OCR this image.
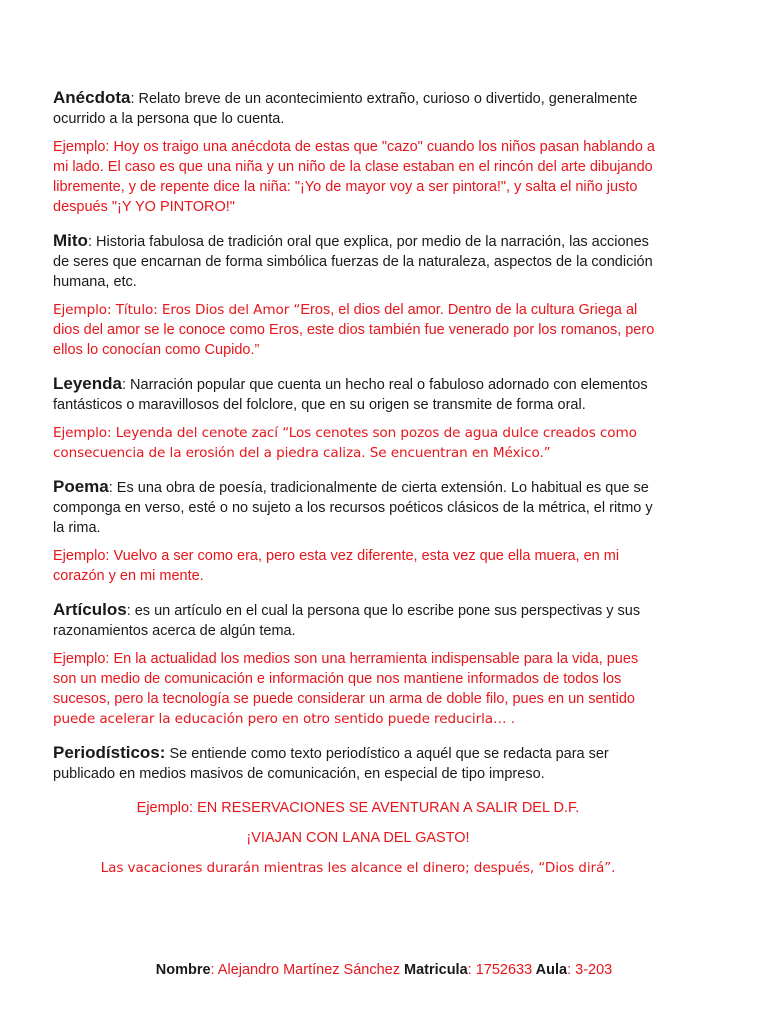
Anécdota: Relato breve de un acontecimiento extraño, curioso o divertido, generalmente ocurrido a la persona que lo cuenta.

Ejemplo: Hoy os traigo una anécdota de estas que "cazo" cuando los niños pasan hablando a mi lado. El caso es que una niña y un niño de la clase estaban en el rincón del arte dibujando libremente, y de repente dice la niña: "¡Yo de mayor voy a ser pintora!", y salta el niño justo después "¡Y YO PINTORO!"

Mito: Historia fabulosa de tradición oral que explica, por medio de la narración, las acciones de seres que encarnan de forma simbólica fuerzas de la naturaleza, aspectos de la condición humana, etc.

Ejemplo: Título: Eros Dios del Amor “Eros, el dios del amor. Dentro de la cultura Griega al dios del amor se le conoce como Eros, este dios también fue venerado por los romanos, pero ellos lo conocían como Cupido.”

Leyenda: Narración popular que cuenta un hecho real o fabuloso adornado con elementos fantásticos o maravillosos del folclore, que en su origen se transmite de forma oral.

Ejemplo: Leyenda del cenote zací “Los cenotes son pozos de agua dulce creados como consecuencia de la erosión del a piedra caliza. Se encuentran en México.”

Poema: Es una obra de poesía, tradicionalmente de cierta extensión. Lo habitual es que se componga en verso, esté o no sujeto a los recursos poéticos clásicos de la métrica, el ritmo y la rima.

Ejemplo: Vuelvo a ser como era, pero esta vez diferente, esta vez que ella muera, en mi corazón y en mi mente.

Artículos: es un artículo en el cual la persona que lo escribe pone sus perspectivas y sus razonamientos acerca de algún tema.

Ejemplo: En la actualidad los medios son una herramienta indispensable para la vida, pues son un medio de comunicación e información que nos mantiene informados de todos los sucesos, pero la tecnología se puede considerar un arma de doble filo, pues en un sentido puede acelerar la educación pero en otro sentido puede reducirla… .

Periodísticos: Se entiende como texto periodístico a aquél que se redacta para ser publicado en medios masivos de comunicación, en especial de tipo impreso.

Ejemplo: EN RESERVACIONES SE AVENTURAN A SALIR DEL D.F.

¡VIAJAN CON LANA DEL GASTO!

Las vacaciones durarán mientras les alcance el dinero; después, “Dios dirá”.

Nombre: Alejandro Martínez Sánchez Matricula: 1752633 Aula: 3-203
